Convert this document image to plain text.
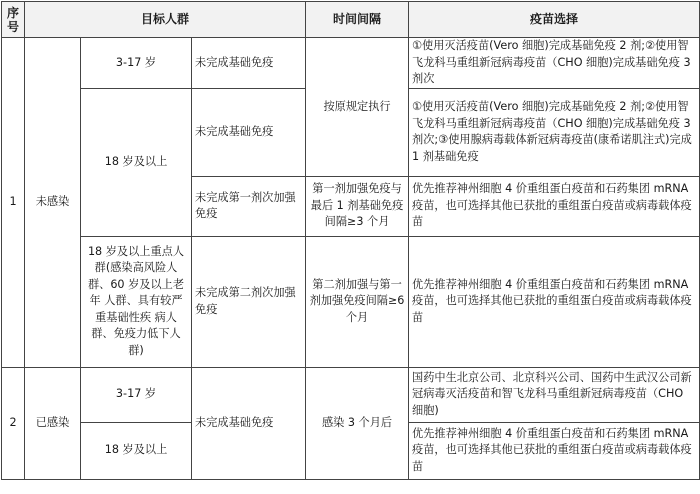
序号	目标人群			时间间隔	疫苗选择
1	未感染	3-17 岁	未完成基础免疫	按原规定执行	①使用灭活疫苗(Vero 细胞)完成基础免疫 2 剂;②使用智飞龙科马重组新冠病毒疫苗（CHO 细胞)完成基础免疫 3 剂次
		18 岁及以上	未完成基础免疫		①使用灭活疫苗(Vero 细胞)完成基础免疫 2 剂;②使用智飞龙科马重组新冠病毒疫苗（CHO 细胞)完成基础免疫 3 剂次;③使用腺病毒载体新冠病毒疫苗(康希诺肌注式)完成 1 剂基础免疫
			未完成第一剂次加强免疫	第一剂加强免疫与最后 1 剂基础免疫间隔≥3 个月	优先推荐神州细胞 4 价重组蛋白疫苗和石药集团 mRNA 疫苗，也可选择其他已获批的重组蛋白疫苗或病毒载体疫苗
		18 岁及以上重点人群(感染高风险人群、60 岁及以上老年 人群、具有较严重基础性疾 病人群、免疫力低下人群)	未完成第二剂次加强免疫	第二剂加强与第一剂加强免疫间隔≥6 个月	优先推荐神州细胞 4 价重组蛋白疫苗和石药集团 mRNA 疫苗，也可选择其他已获批的重组蛋白疫苗或病毒载体疫苗

2	已感染	3-17 岁	未完成基础免疫	感染 3 个月后	国药中生北京公司、北京科兴公司、国药中生武汉公司新冠病毒灭活疫苗和智飞龙科马重组新冠病毒疫苗（CHO 细胞)
		18 岁及以上			优先推荐神州细胞 4 价重组蛋白疫苗和石药集团 mRNA 疫苗，也可选择其他已获批的重组蛋白疫苗或病毒载体疫苗
